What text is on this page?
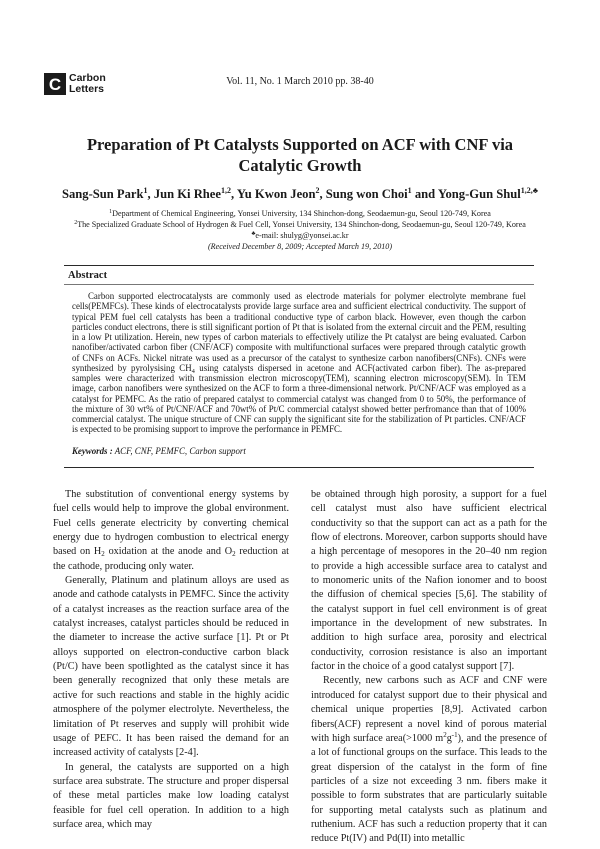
C Carbon
Letters
Vol. 11, No. 1 March 2010 pp. 38-40
Preparation of Pt Catalysts Supported on ACF with CNF via
Catalytic Growth
Sang-Sun Park$^1$, Jun Ki Rhee$^{1,2}$, Yu Kwon Jeon$^2$, Sung won Choi$^1$ and Yong-Gun Shul$^{1,2,♣}$
$^1$Department of Chemical Engineering, Yonsei University, 134 Shinchon-dong, Seodaemun-gu, Seoul 120-749, Korea
$^2$The Specialized Graduate School of Hydrogen & Fuel Cell, Yonsei University, 134 Shinchon-dong, Seodaemun-gu, Seoul 120-749, Korea
♣e-mail: shulyg@yonsei.ac.kr
(Received December 8, 2009; Accepted March 19, 2010)
Abstract
Carbon supported electrocatalysts are commonly used as electrode materials for polymer electrolyte membrane fuel cells(PEMFCs). These kinds of electrocatalysts provide large surface area and sufficient electrical conductivity. The support of typical PEM fuel cell catalysts has been a traditional conductive type of carbon black. However, even though the carbon particles conduct electrons, there is still significant portion of Pt that is isolated from the external circuit and the PEM, resulting in a low Pt utilization. Herein, new types of carbon materials to effectively utilize the Pt catalyst are being evaluated. Carbon nanofiber/activated carbon fiber (CNF/ACF) composite with multifunctional surfaces were prepared through catalytic growth of CNFs on ACFs. Nickel nitrate was used as a precursor of the catalyst to synthesize carbon nanofibers(CNFs). CNFs were synthesized by pyrolysising $CH_4$ using catalysts dispersed in acetone and ACF(activated carbon fiber). The as-prepared samples were characterized with transmission electron microscopy(TEM), scanning electron microscopy(SEM). In TEM image, carbon nanofibers were synthesized on the ACF to form a three-dimensional network. Pt/CNF/ACF was employed as a catalyst for PEMFC. As the ratio of prepared catalyst to commercial catalyst was changed from 0 to 50%, the performance of the mixture of 30 wt% of Pt/CNF/ACF and 70wt% of Pt/C commercial catalyst showed better perfromance than that of 100% commercial catalyst. The unique structure of CNF can supply the significant site for the stabilization of Pt particles. CNF/ACF is expected to be promising support to improve the performance in PEMFC.
Keywords : ACF, CNF, PEMFC, Carbon support

The substitution of conventional energy systems by fuel cells would help to improve the global environment. Fuel cells generate electricity by converting chemical energy due to hydrogen combustion to electrical energy based on $H_2$ oxidation at the anode and $O_2$ reduction at the cathode, producing only water.

Generally, Platinum and platinum alloys are used as anode and cathode catalysts in PEMFC. Since the activity of a catalyst increases as the reaction surface area of the catalyst increases, catalyst particles should be reduced in the diameter to increase the active surface [1]. Pt or Pt alloys supported on electron-conductive carbon black (Pt/C) have been spotlighted as the catalyst since it has been generally recognized that only these metals are active for such reactions and stable in the highly acidic atmosphere of the polymer electrolyte. Nevertheless, the limitation of Pt reserves and supply will prohibit wide usage of PEFC. It has been raised the demand for an increased activity of catalysts [2-4].

In general, the catalysts are supported on a high surface area substrate. The structure and proper dispersal of these metal particles make low loading catalyst feasible for fuel cell operation. In addition to a high surface area, which may

be obtained through high porosity, a support for a fuel cell catalyst must also have sufficient electrical conductivity so that the support can act as a path for the flow of electrons. Moreover, carbon supports should have a high percentage of mesopores in the 20–40 nm region to provide a high accessible surface area to catalyst and to monomeric units of the Nafion ionomer and to boost the diffusion of chemical species [5,6]. The stability of the catalyst support in fuel cell environment is of great importance in the development of new substrates. In addition to high surface area, porosity and electrical conductivity, corrosion resistance is also an important factor in the choice of a good catalyst support [7].

Recently, new carbons such as ACF and CNF were introduced for catalyst support due to their physical and chemical unique properties [8,9]. Activated carbon fibers(ACF) represent a novel kind of porous material with high surface area(>1000 $m^2g^{-1}$), and the presence of a lot of functional groups on the surface. This leads to the great dispersion of the catalyst in the form of fine particles of a size not exceeding 3 nm. fibers make it possible to form substrates that are particularly suitable for supporting metal catalysts such as platinum and ruthenium. ACF has such a reduction property that it can reduce Pt(IV) and Pd(II) into metallic
